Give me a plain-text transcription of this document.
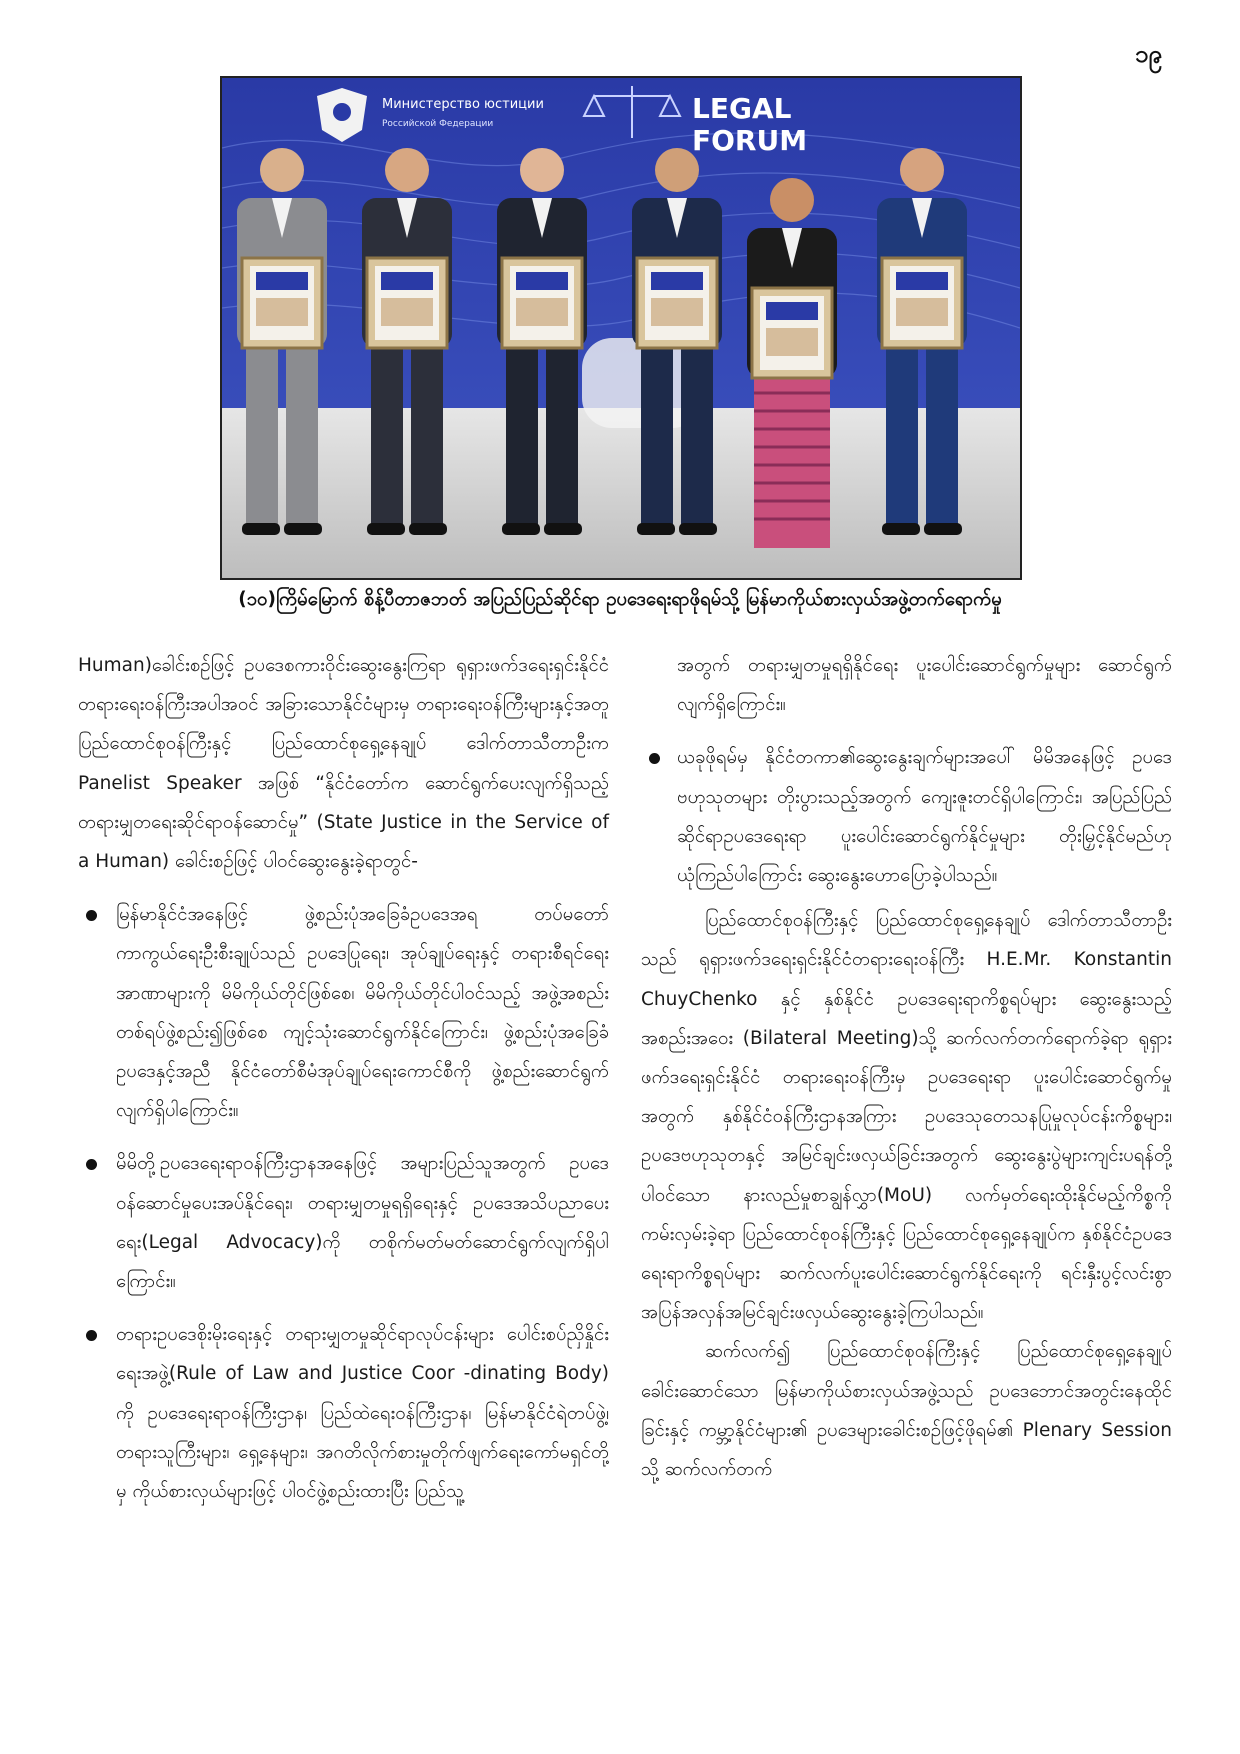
၁၉
Министерство юстиции
Российской Федерации	LEGAL
FORUM
(၁၀)ကြိမ်မြောက် စိန့်ပီတာဇဘတ် အပြည်ပြည်ဆိုင်ရာ ဥပဒေရေးရာဖိုရမ်သို့ မြန်မာကိုယ်စားလှယ်အဖွဲ့တက်ရောက်မှု

Human)ခေါင်းစဉ်ဖြင့် ဥပဒေစကားဝိုင်းဆွေးနွေးကြရာ ရုရှားဖက်ဒရေးရှင်းနိုင်ငံ တရားရေးဝန်ကြီးအပါအဝင် အခြားသောနိုင်ငံများမှ တရားရေးဝန်ကြီးများနှင့်အတူ ပြည်ထောင်စုဝန်ကြီးနှင့် ပြည်ထောင်စုရှေ့နေချုပ် ဒေါက်တာသီတာဦးက Panelist Speaker အဖြစ် “နိုင်ငံတော်က ဆောင်ရွက်ပေးလျက်ရှိသည့် တရားမျှတရေးဆိုင်ရာဝန်ဆောင်မှု” (State Justice in the Service of a Human) ခေါင်းစဉ်ဖြင့် ပါဝင်ဆွေးနွေးခဲ့ရာတွင်-

မြန်မာနိုင်ငံအနေဖြင့် ဖွဲ့စည်းပုံအခြေခံဥပဒေအရ တပ်မတော်ကာကွယ်ရေးဦးစီးချုပ်သည် ဥပဒေပြုရေး၊ အုပ်ချုပ်ရေးနှင့် တရားစီရင်ရေးအာဏာများကို မိမိကိုယ်တိုင်ဖြစ်စေ၊ မိမိကိုယ်တိုင်ပါဝင်သည့် အဖွဲ့အစည်းတစ်ရပ်ဖွဲ့စည်း၍ဖြစ်စေ ကျင့်သုံးဆောင်ရွက်နိုင်ကြောင်း၊ ဖွဲ့စည်းပုံအခြေခံဥပဒေနှင့်အညီ နိုင်ငံတော်စီမံအုပ်ချုပ်ရေးကောင်စီကို ဖွဲ့စည်းဆောင်ရွက်လျက်ရှိပါကြောင်း။
မိမိတို့ဥပဒေရေးရာဝန်ကြီးဌာနအနေဖြင့် အများပြည်သူအတွက် ဥပဒေဝန်ဆောင်မှုပေးအပ်နိုင်ရေး၊ တရားမျှတမှုရရှိရေးနှင့် ဥပဒေအသိပညာပေးရေး(Legal Advocacy)ကို တစိုက်မတ်မတ်ဆောင်ရွက်လျက်ရှိပါကြောင်း။
တရားဥပဒေစိုးမိုးရေးနှင့် တရားမျှတမှုဆိုင်ရာလုပ်ငန်းများ ပေါင်းစပ်ညှိနှိုင်းရေးအဖွဲ့(Rule of Law and Justice Coor -dinating Body) ကို ဥပဒေရေးရာဝန်ကြီးဌာန၊ ပြည်ထဲရေးဝန်ကြီးဌာန၊ မြန်မာနိုင်ငံရဲတပ်ဖွဲ့၊ တရားသူကြီးများ၊ ရှေ့နေများ၊ အဂတိလိုက်စားမှုတိုက်ဖျက်ရေးကော်မရှင်တို့မှ ကိုယ်စားလှယ်များဖြင့် ပါဝင်ဖွဲ့စည်းထားပြီး ပြည်သူ့

အတွက် တရားမျှတမှုရရှိနိုင်ရေး ပူးပေါင်းဆောင်ရွက်မှုများ ဆောင်ရွက်လျက်ရှိကြောင်း။

ယခုဖိုရမ်မှ နိုင်ငံတကာ၏ဆွေးနွေးချက်များအပေါ် မိမိအနေဖြင့် ဥပဒေဗဟုသုတများ တိုးပွားသည့်အတွက် ကျေးဇူးတင်ရှိပါကြောင်း၊ အပြည်ပြည်ဆိုင်ရာဥပဒေရေးရာ ပူးပေါင်းဆောင်ရွက်နိုင်မှုများ တိုးမြှင့်နိုင်မည်ဟု ယုံကြည်ပါကြောင်း ဆွေးနွေးဟောပြောခဲ့ပါသည်။

ပြည်ထောင်စုဝန်ကြီးနှင့် ပြည်ထောင်စုရှေ့နေချုပ် ဒေါက်တာသီတာဦးသည် ရုရှားဖက်ဒရေးရှင်းနိုင်ငံတရားရေးဝန်ကြီး H.E.Mr. Konstantin ChuyChenko နှင့် နှစ်နိုင်ငံ ဥပဒေရေးရာကိစ္စရပ်များ ဆွေးနွေးသည့်အစည်းအဝေး (Bilateral Meeting)သို့ ဆက်လက်တက်ရောက်ခဲ့ရာ ရုရှားဖက်ဒရေးရှင်းနိုင်ငံ တရားရေးဝန်ကြီးမှ ဥပဒေရေးရာ ပူးပေါင်းဆောင်ရွက်မှုအတွက် နှစ်နိုင်ငံဝန်ကြီးဌာနအကြား ဥပဒေသုတေသနပြုမှုလုပ်ငန်းကိစ္စများ၊ ဥပဒေဗဟုသုတနှင့် အမြင်ချင်းဖလှယ်ခြင်းအတွက် ဆွေးနွေးပွဲများကျင်းပရန်တို့ပါဝင်သော နားလည်မှုစာချွန်လွှာ(MoU) လက်မှတ်ရေးထိုးနိုင်မည့်ကိစ္စကို ကမ်းလှမ်းခဲ့ရာ ပြည်ထောင်စုဝန်ကြီးနှင့် ပြည်ထောင်စုရှေ့နေချုပ်က နှစ်နိုင်ငံဥပဒေရေးရာကိစ္စရပ်များ ဆက်လက်ပူးပေါင်းဆောင်ရွက်နိုင်ရေးကို ရင်းနှီးပွင့်လင်းစွာ အပြန်အလှန်အမြင်ချင်းဖလှယ်ဆွေးနွေးခဲ့ကြပါသည်။

ဆက်လက်၍ ပြည်ထောင်စုဝန်ကြီးနှင့် ပြည်ထောင်စုရှေ့နေချုပ်ခေါင်းဆောင်သော မြန်မာကိုယ်စားလှယ်အဖွဲ့သည် ဥပဒေဘောင်အတွင်းနေထိုင်ခြင်းနှင့် ကမ္ဘာ့နိုင်ငံများ၏ ဥပဒေများခေါင်းစဉ်ဖြင့်ဖိုရမ်၏ Plenary Session သို့ ဆက်လက်တက်
